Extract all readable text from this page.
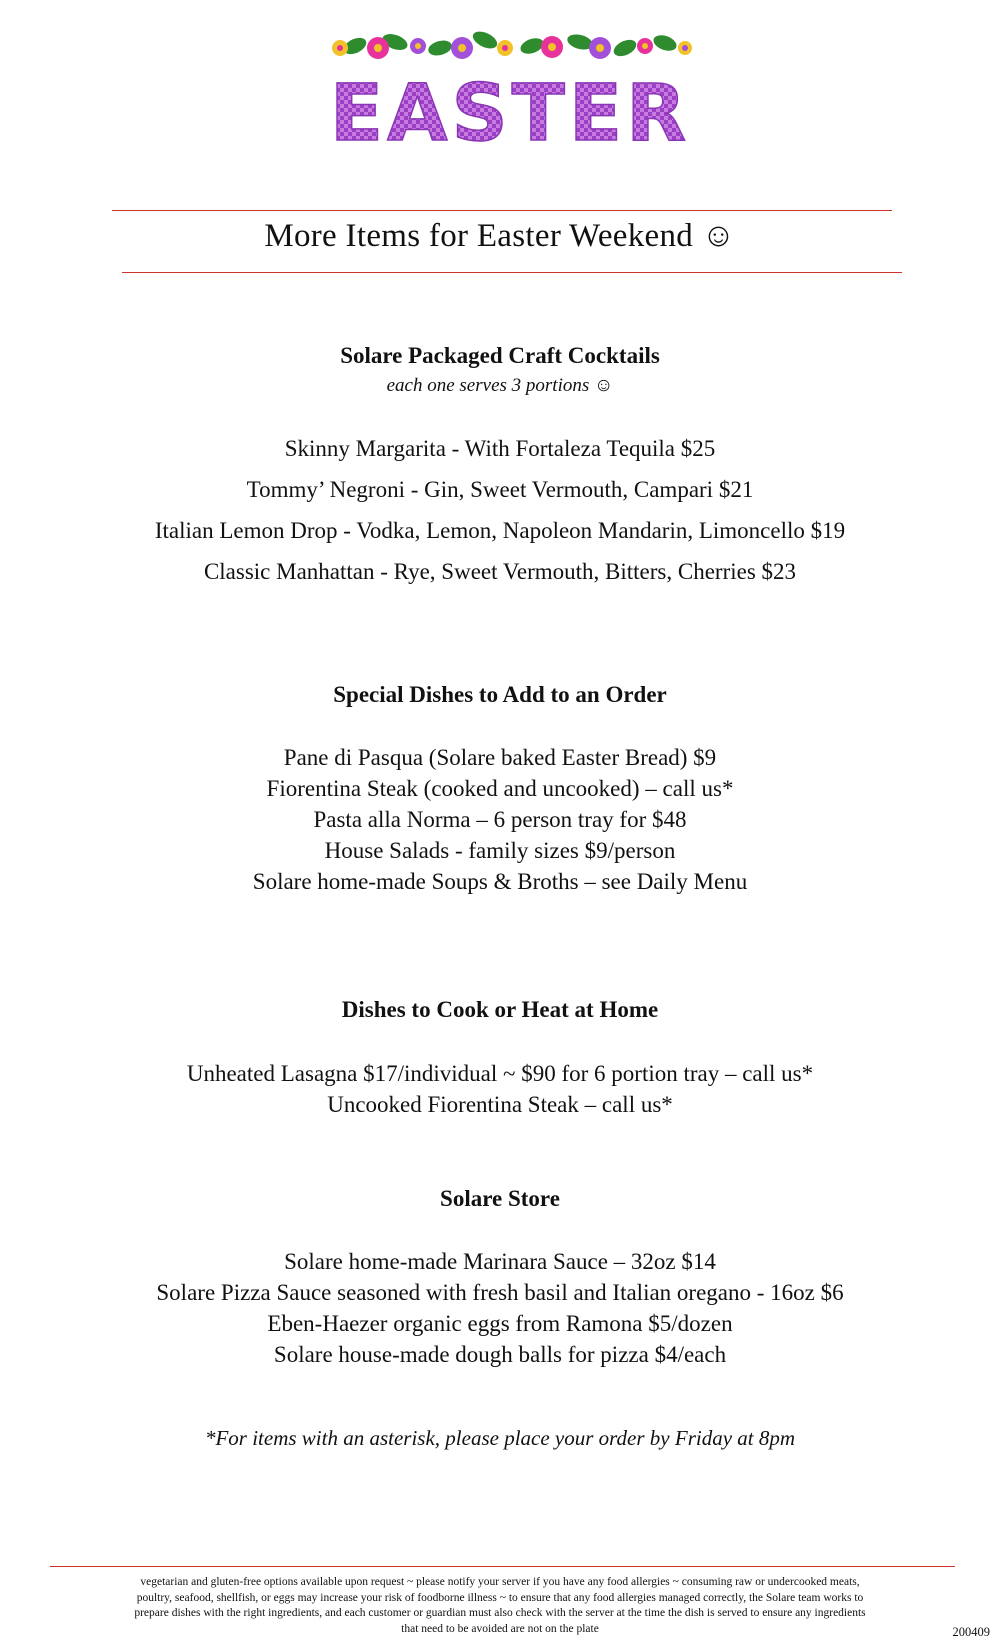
EASTER
More Items for Easter Weekend ☺
Solare Packaged Craft Cocktails
each one serves 3 portions ☺
Skinny Margarita - With Fortaleza Tequila $25
Tommy’ Negroni - Gin, Sweet Vermouth, Campari $21
Italian Lemon Drop - Vodka, Lemon, Napoleon Mandarin, Limoncello $19
Classic Manhattan - Rye, Sweet Vermouth, Bitters, Cherries $23
Special Dishes to Add to an Order
Pane di Pasqua (Solare baked Easter Bread) $9
Fiorentina Steak (cooked and uncooked) – call us*
Pasta alla Norma – 6 person tray for $48
House Salads - family sizes $9/person
Solare home-made Soups & Broths – see Daily Menu
Dishes to Cook or Heat at Home
Unheated Lasagna $17/individual ~ $90 for 6 portion tray – call us*
Uncooked Fiorentina Steak – call us*
Solare Store
Solare home-made Marinara Sauce – 32oz $14
Solare Pizza Sauce seasoned with fresh basil and Italian oregano - 16oz $6
Eben-Haezer organic eggs from Ramona $5/dozen
Solare house-made dough balls for pizza $4/each
*For items with an asterisk, please place your order by Friday at 8pm
vegetarian and gluten-free options available upon request ~ please notify your server if you have any food allergies ~ consuming raw or undercooked meats,
poultry, seafood, shellfish, or eggs may increase your risk of foodborne illness ~ to ensure that any food allergies managed correctly, the Solare team works to
prepare dishes with the right ingredients, and each customer or guardian must also check with the server at the time the dish is served to ensure any ingredients
that need to be avoided are not on the plate	200409
